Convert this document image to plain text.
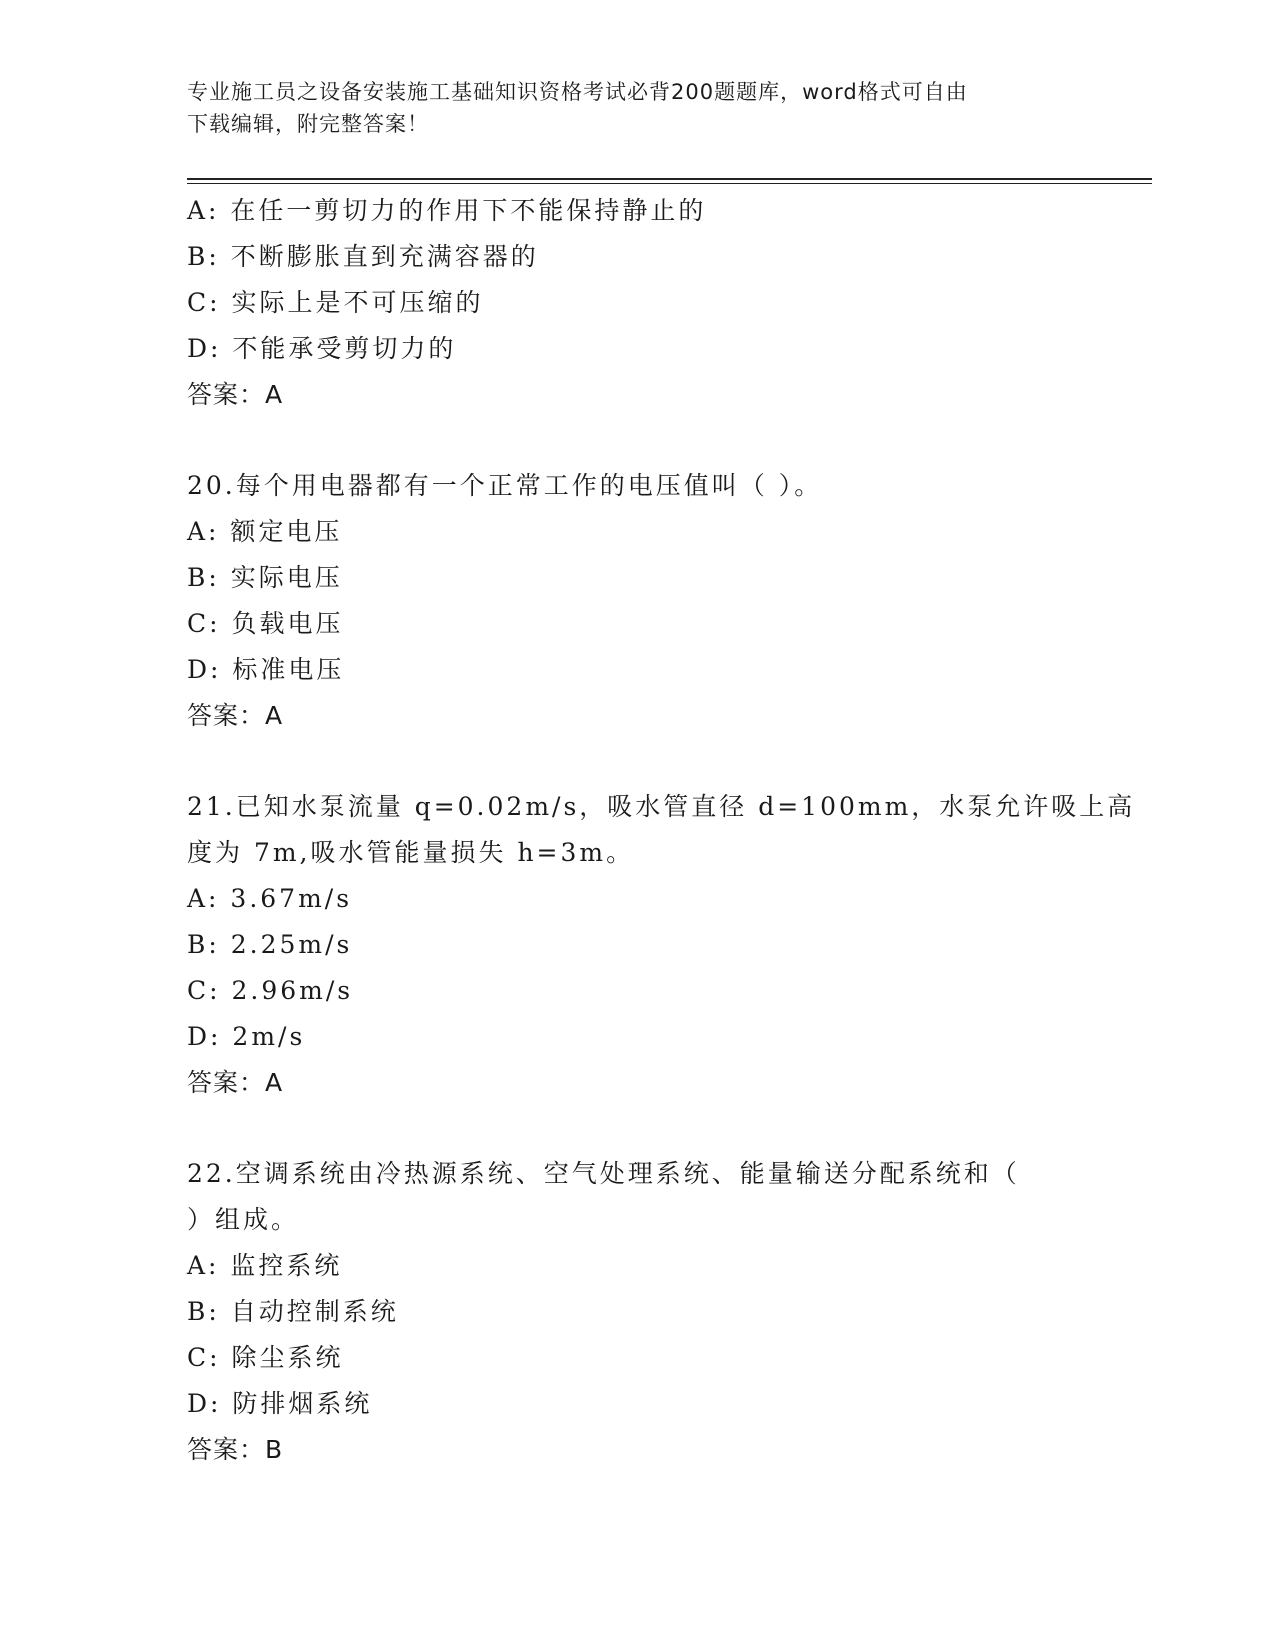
专业施工员之设备安装施工基础知识资格考试必背200题题库，word格式可自由
下载编辑，附完整答案！
A: 在任一剪切力的作用下不能保持静止的
B: 不断膨胀直到充满容器的
C: 实际上是不可压缩的
D: 不能承受剪切力的
答案：A
20.每个用电器都有一个正常工作的电压值叫（ ）。
A: 额定电压
B: 实际电压
C: 负载电压
D: 标准电压
答案：A
21.已知水泵流量 q=0.02m/s，吸水管直径 d=100mm，水泵允许吸上高
度为 7m,吸水管能量损失 h=3m。
A: 3.67m/s
B: 2.25m/s
C: 2.96m/s
D: 2m/s
答案：A
22.空调系统由冷热源系统、空气处理系统、能量输送分配系统和（
）组成。
A: 监控系统
B: 自动控制系统
C: 除尘系统
D: 防排烟系统
答案：B
